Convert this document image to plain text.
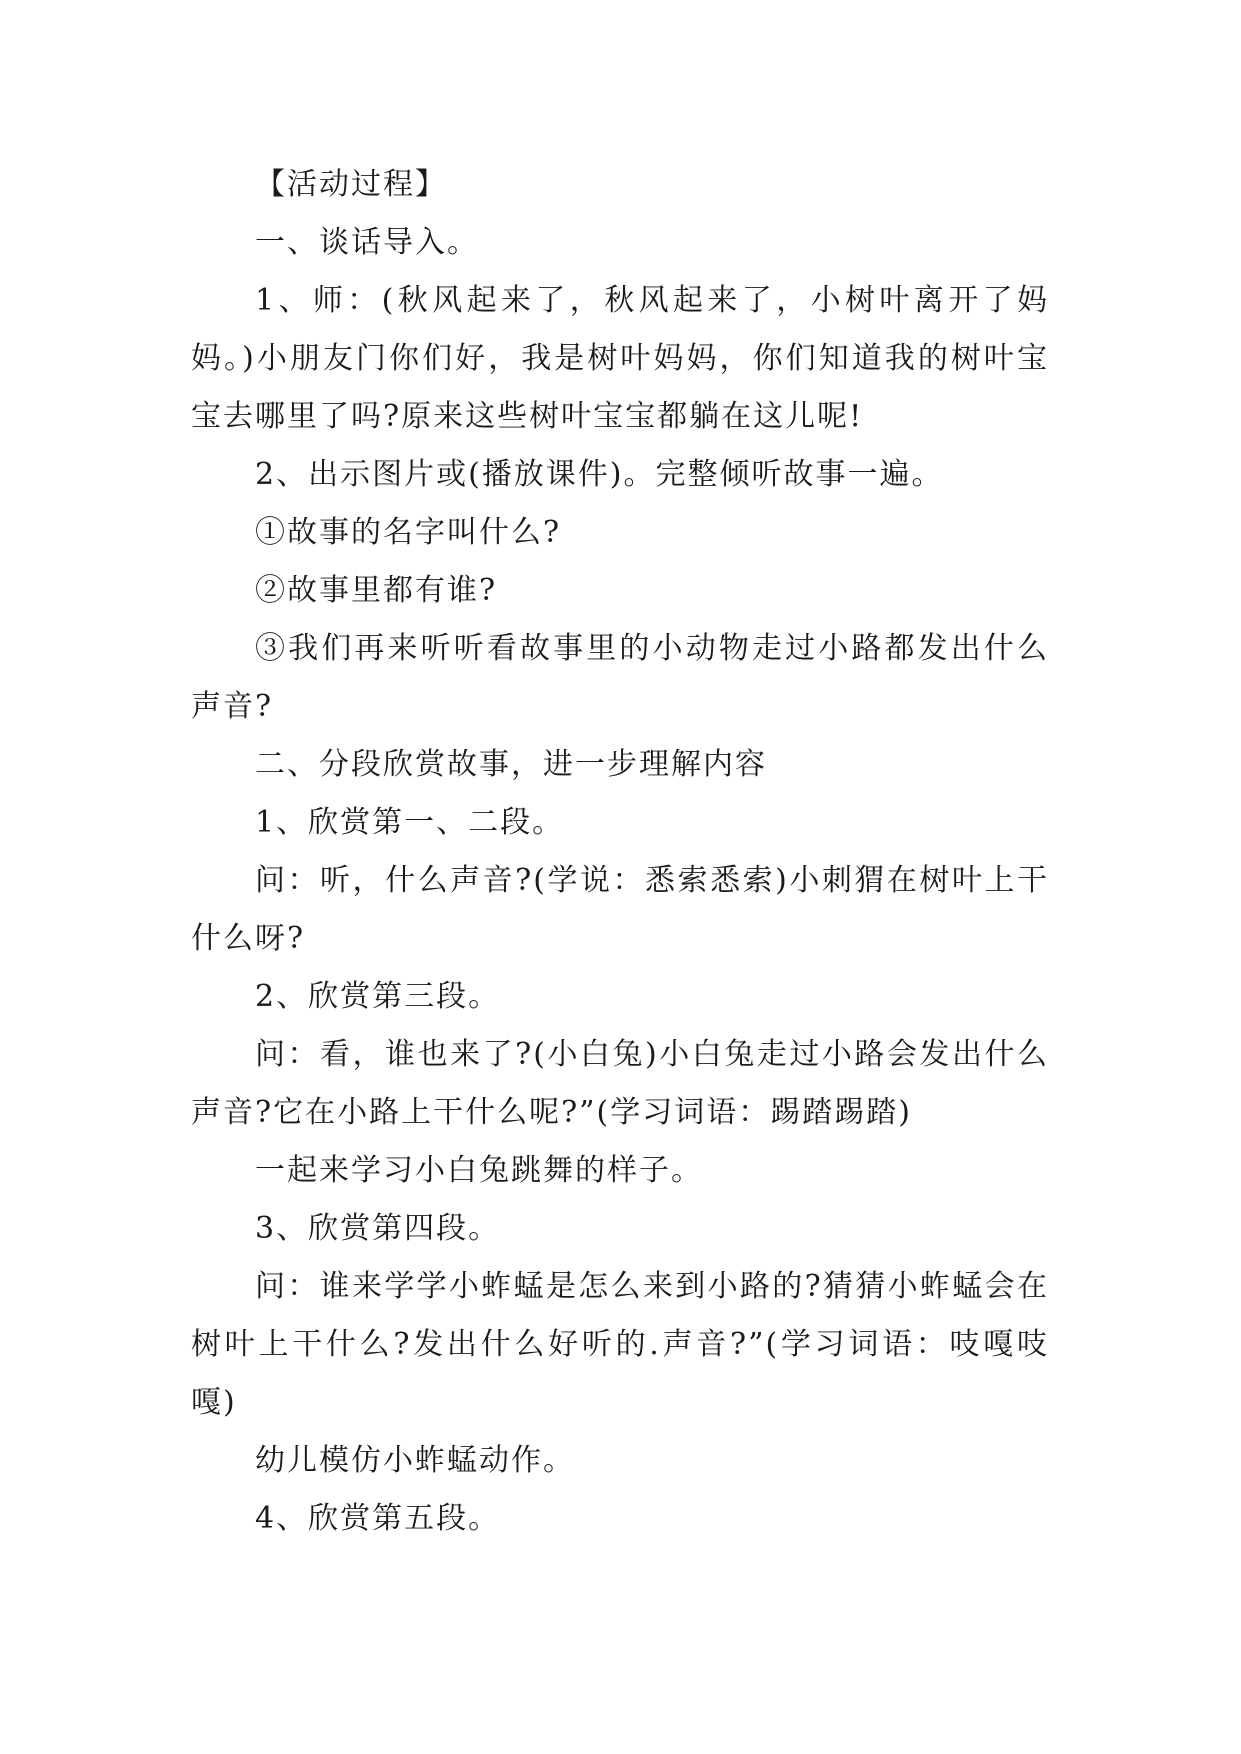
【活动过程】

一、谈话导入。

1、师：(秋风起来了，秋风起来了，小树叶离开了妈妈。)小朋友门你们好，我是树叶妈妈，你们知道我的树叶宝宝去哪里了吗?原来这些树叶宝宝都躺在这儿呢!

2、出示图片或(播放课件)。完整倾听故事一遍。

①故事的名字叫什么?

②故事里都有谁?

③我们再来听听看故事里的小动物走过小路都发出什么声音?

二、分段欣赏故事，进一步理解内容

1、欣赏第一、二段。

问：听，什么声音?(学说：悉索悉索)小刺猬在树叶上干什么呀?

2、欣赏第三段。

问：看，谁也来了?(小白兔)小白兔走过小路会发出什么声音?它在小路上干什么呢?”(学习词语：踢踏踢踏)

一起来学习小白兔跳舞的样子。

3、欣赏第四段。

问：谁来学学小蚱蜢是怎么来到小路的?猜猜小蚱蜢会在树叶上干什么?发出什么好听的.声音?”(学习词语：吱嘎吱嘎)

幼儿模仿小蚱蜢动作。

4、欣赏第五段。
